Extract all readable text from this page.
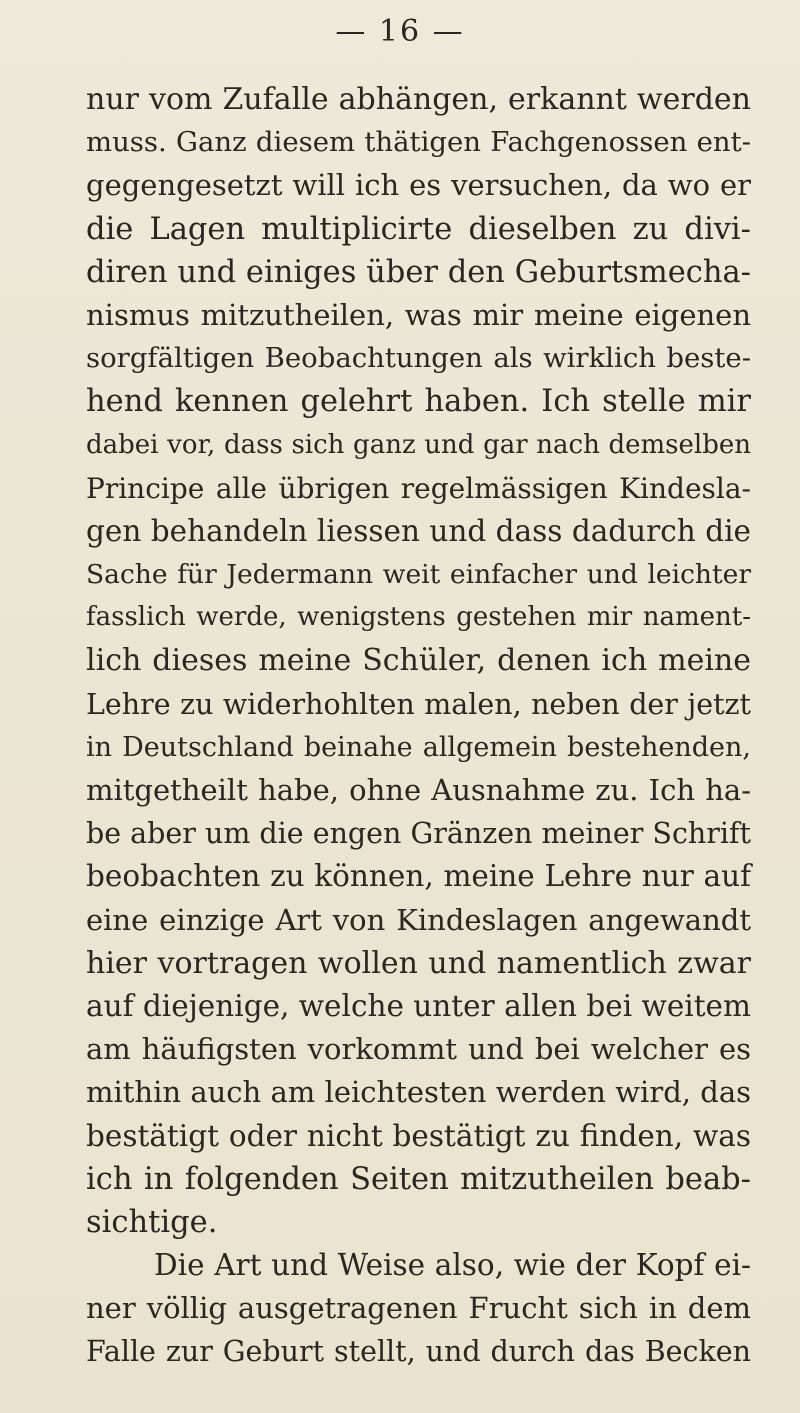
— 16 —
nur vom Zufalle abhängen, erkannt werden
muss. Ganz diesem thätigen Fachgenossen ent-
gegengesetzt will ich es versuchen, da wo er
die Lagen multiplicirte dieselben zu divi-
diren und einiges über den Geburtsmecha-
nismus mitzutheilen, was mir meine eigenen
sorgfältigen Beobachtungen als wirklich beste-
hend kennen gelehrt haben. Ich stelle mir
dabei vor, dass sich ganz und gar nach demselben
Principe alle übrigen regelmässigen Kindesla-
gen behandeln liessen und dass dadurch die
Sache für Jedermann weit einfacher und leichter
fasslich werde, wenigstens gestehen mir nament-
lich dieses meine Schüler, denen ich meine
Lehre zu widerhohlten malen, neben der jetzt
in Deutschland beinahe allgemein bestehenden,
mitgetheilt habe, ohne Ausnahme zu. Ich ha-
be aber um die engen Gränzen meiner Schrift
beobachten zu können, meine Lehre nur auf
eine einzige Art von Kindeslagen angewandt
hier vortragen wollen und namentlich zwar
auf diejenige, welche unter allen bei weitem
am häufigsten vorkommt und bei welcher es
mithin auch am leichtesten werden wird, das
bestätigt oder nicht bestätigt zu finden, was
ich in folgenden Seiten mitzutheilen beab-
sichtige.
Die Art und Weise also, wie der Kopf ei-
ner völlig ausgetragenen Frucht sich in dem
Falle zur Geburt stellt, und durch das Becken
